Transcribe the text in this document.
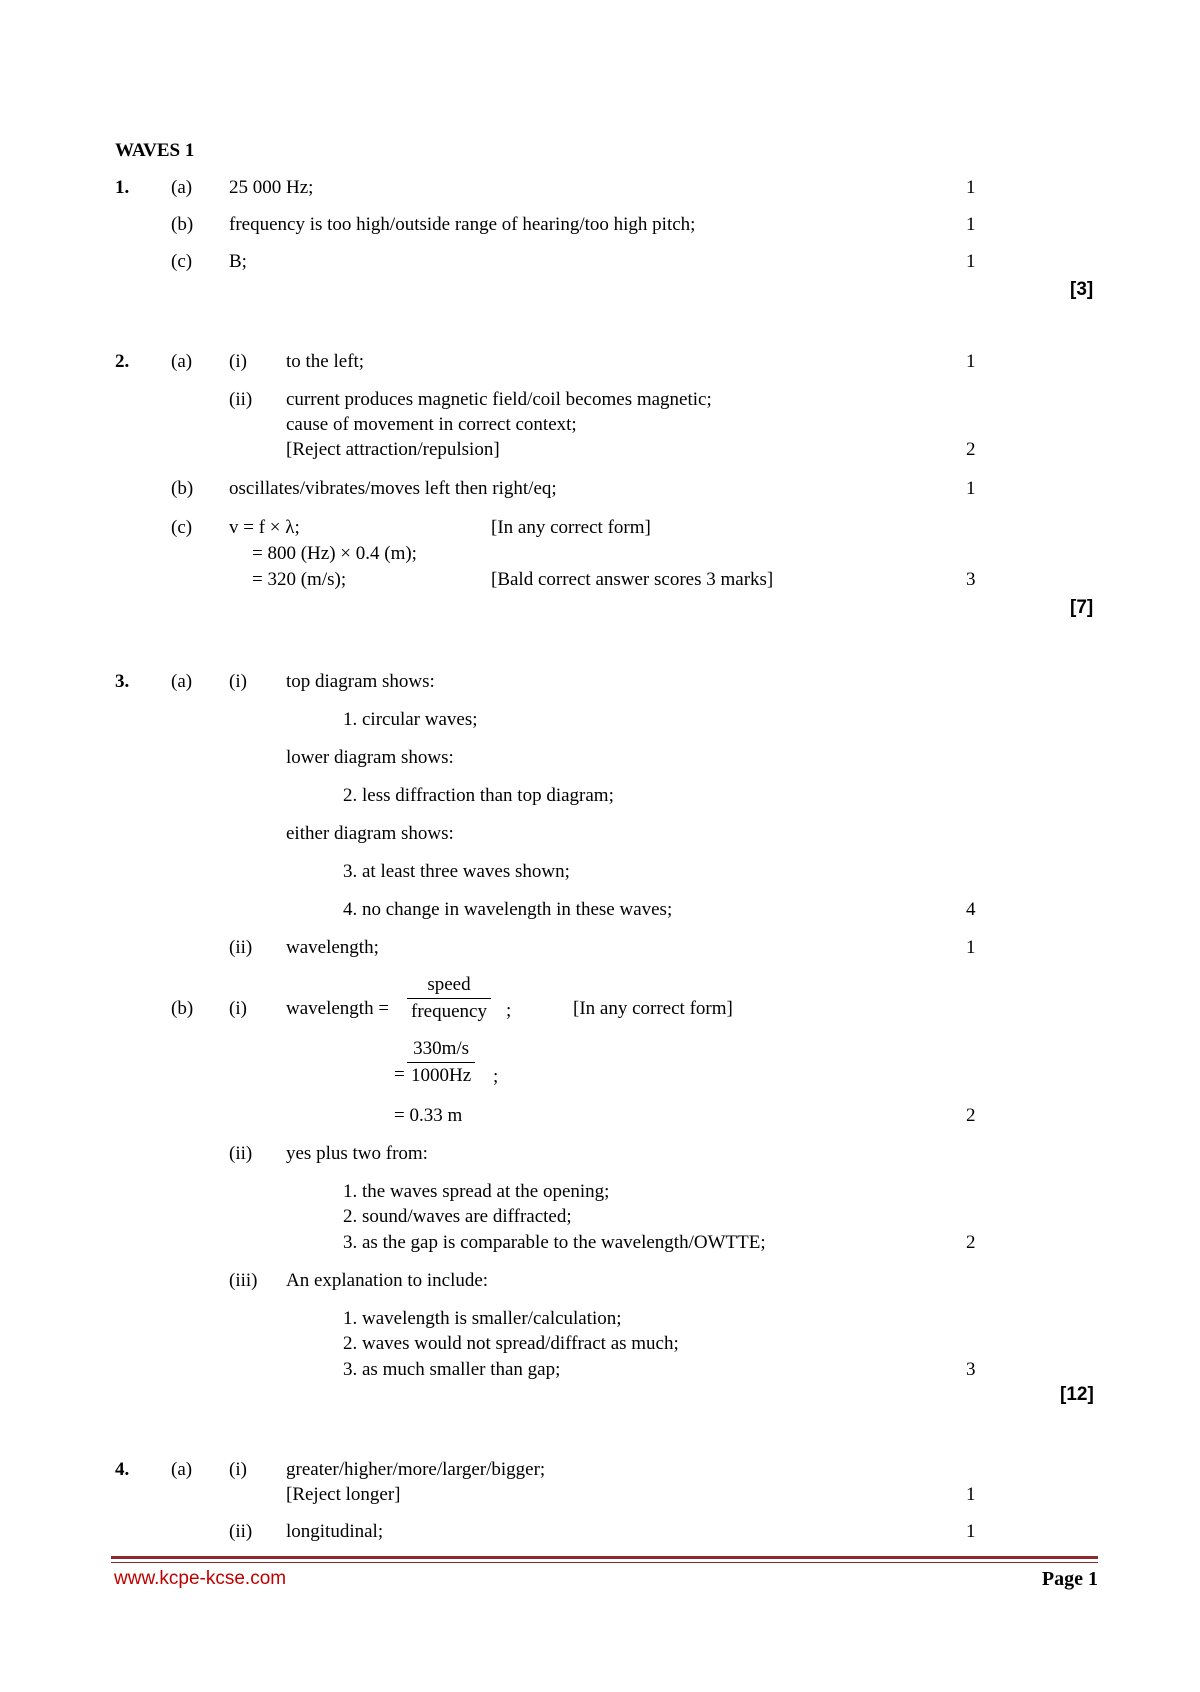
WAVES 1
1. (a) 25 000 Hz;	1
(b) frequency is too high/outside range of hearing/too high pitch;	1
(c) B;	1
[3]
2. (a) (i) to the left;	1
(ii) current produces magnetic field/coil becomes magnetic;
cause of movement in correct context;
[Reject attraction/repulsion]	2
(b) oscillates/vibrates/moves left then right/eq;	1
(c) v = f × λ;	[In any correct form]
= 800 (Hz) × 0.4 (m);
= 320 (m/s);	[Bald correct answer scores 3 marks]	3
[7]
3. (a) (i) top diagram shows:
1. circular waves;
lower diagram shows:
2. less diffraction than top diagram;
either diagram shows:
3. at least three waves shown;
4. no change in wavelength in these waves;	4
(ii) wavelength;	1
(b) (i) wavelength =
speed
frequency ;	[In any correct form]
= $\frac{330m/s}{1000Hz}$ ;
= 0.33 m	2
(ii) yes plus two from:
1. the waves spread at the opening;
2. sound/waves are diffracted;
3. as the gap is comparable to the wavelength/OWTTE;	2
(iii) An explanation to include:
1. wavelength is smaller/calculation;
2. waves would not spread/diffract as much;
3. as much smaller than gap;	3
[12]
4. (a) (i) greater/higher/more/larger/bigger;
[Reject longer]	1
(ii) longitudinal;	1
www.kcpe-kcse.com	Page 1
